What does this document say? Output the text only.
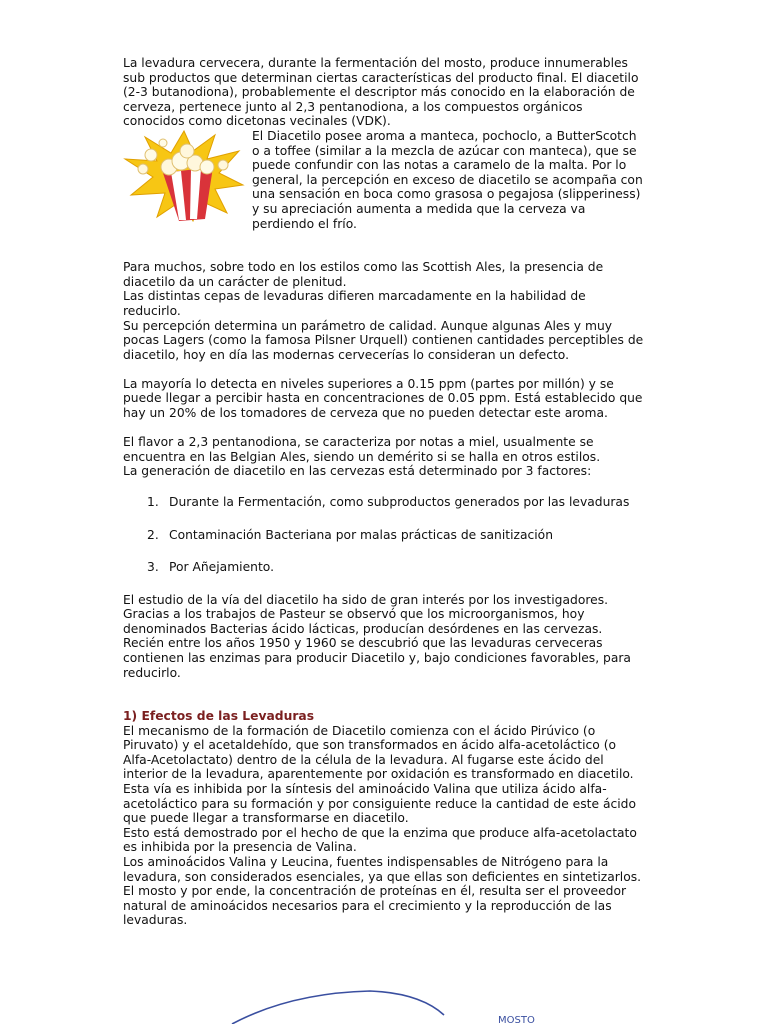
La levadura cervecera, durante la fermentación del mosto, produce innumerables sub productos que determinan ciertas características del producto final. El diacetilo (2-3 butanodiona), probablemente el descriptor más conocido en la elaboración de cerveza, pertenece junto al 2,3 pentanodiona, a los compuestos orgánicos conocidos como dicetonas vecinales (VDK).

El Diacetilo posee aroma a manteca, pochoclo, a ButterScotch o a toffee (similar a la mezcla de azúcar con manteca), que se puede confundir con las notas a caramelo de la malta. Por lo general, la percepción en exceso de diacetilo se acompaña con una sensación en boca como grasosa o pegajosa (slipperiness) y su apreciación aumenta a medida que la cerveza va perdiendo el frío.

Para muchos, sobre todo en los estilos como las Scottish Ales, la presencia de diacetilo da un carácter de plenitud.

Las distintas cepas de levaduras difieren marcadamente en la habilidad de reducirlo.

Su percepción determina un parámetro de calidad. Aunque algunas Ales y muy pocas Lagers (como la famosa Pilsner Urquell) contienen cantidades perceptibles de diacetilo, hoy en día las modernas cervecerías lo consideran un defecto.

La mayoría lo detecta en niveles superiores a 0.15 ppm (partes por millón) y se puede llegar a percibir hasta en concentraciones de 0.05 ppm. Está establecido que hay un 20% de los tomadores de cerveza que no pueden detectar este aroma.

El flavor a 2,3 pentanodiona, se caracteriza por notas a miel, usualmente se encuentra en las Belgian Ales, siendo un demérito si se halla en otros estilos.

La generación de diacetilo en las cervezas está determinado por 3 factores:

1. Durante la Fermentación, como subproductos generados por las levaduras
2. Contaminación Bacteriana por malas prácticas de sanitización
3. Por Añejamiento.

El estudio de la vía del diacetilo ha sido de gran interés por los investigadores.

Gracias a los trabajos de Pasteur se observó que los microorganismos, hoy denominados Bacterias ácido lácticas, producían desórdenes en las cervezas.

Recién entre los años 1950 y 1960 se descubrió que las levaduras cerveceras contienen las enzimas para producir Diacetilo y, bajo condiciones favorables, para reducirlo.

1) Efectos de las Levaduras

El mecanismo de la formación de Diacetilo comienza con el ácido Pirúvico (o Piruvato) y el acetaldehído, que son transformados en ácido alfa-acetoláctico (o Alfa-Acetolactato) dentro de la célula de la levadura. Al fugarse este ácido del interior de la levadura, aparentemente por oxidación es transformado en diacetilo.

Esta vía es inhibida por la síntesis del aminoácido Valina que utiliza ácido alfa-acetoláctico para su formación y por consiguiente reduce la cantidad de este ácido que puede llegar a transformarse en diacetilo.

Esto está demostrado por el hecho de que la enzima que produce alfa-acetolactato es inhibida por la presencia de Valina.

Los aminoácidos Valina y Leucina, fuentes indispensables de Nitrógeno para la levadura, son considerados esenciales, ya que ellas son deficientes en sintetizarlos.

El mosto y por ende, la concentración de proteínas en él, resulta ser el proveedor natural de aminoácidos necesarios para el crecimiento y la reproducción de las levaduras.

MOSTO
